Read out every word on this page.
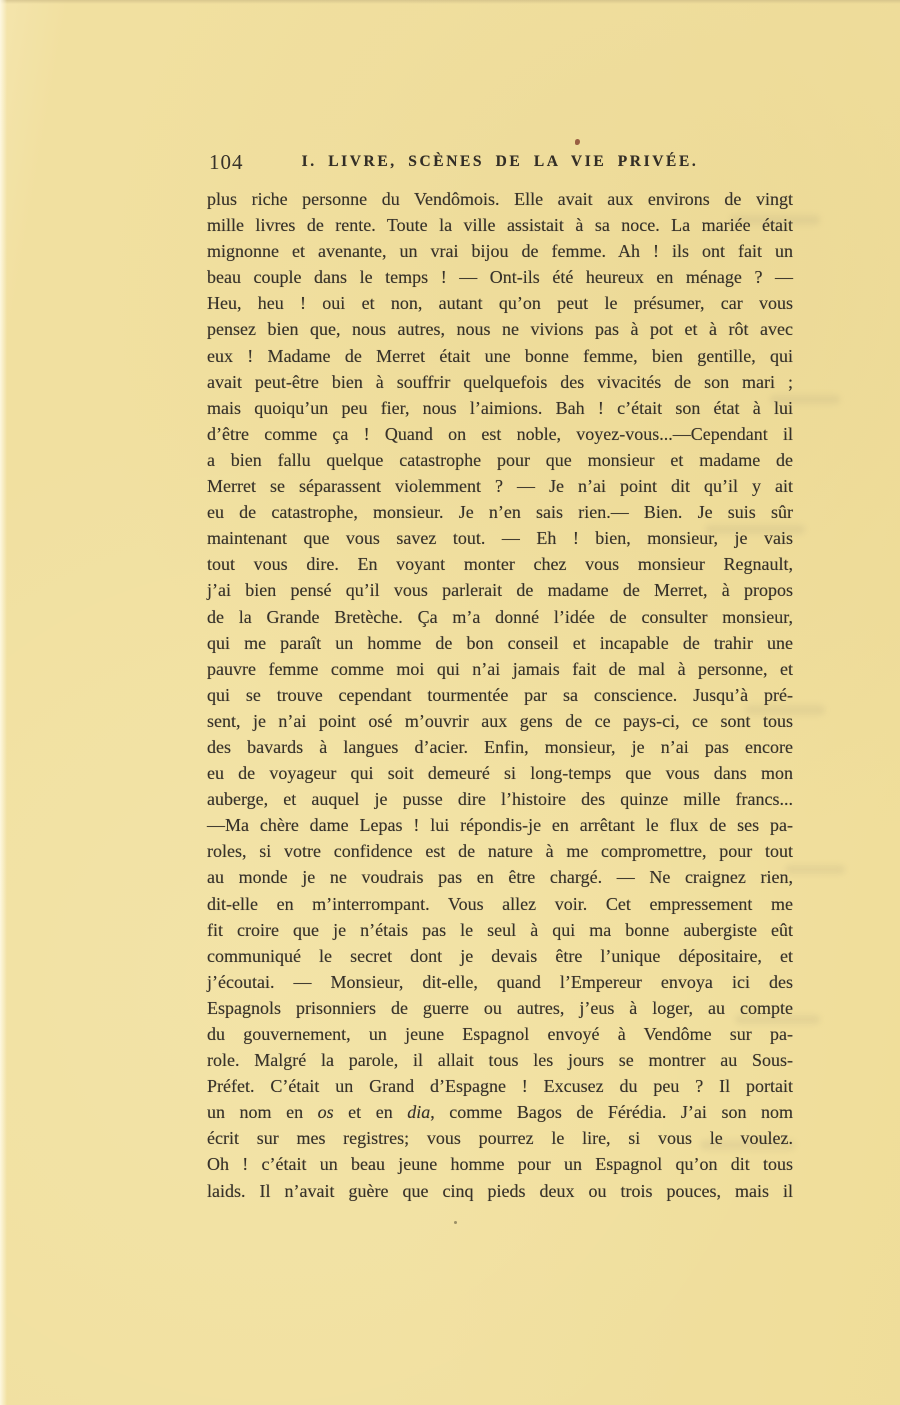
104	I. LIVRE, SCÈNES DE LA VIE PRIVÉE.
plus riche personne du Vendômois. Elle avait aux environs de vingt
mille livres de rente. Toute la ville assistait à sa noce. La mariée était
mignonne et avenante, un vrai bijou de femme. Ah ! ils ont fait un
beau couple dans le temps ! — Ont-ils été heureux en ménage ? —
Heu, heu ! oui et non, autant qu’on peut le présumer, car vous
pensez bien que, nous autres, nous ne vivions pas à pot et à rôt avec
eux ! Madame de Merret était une bonne femme, bien gentille, qui
avait peut-être bien à souffrir quelquefois des vivacités de son mari ;
mais quoiqu’un peu fier, nous l’aimions. Bah ! c’était son état à lui
d’être comme ça ! Quand on est noble, voyez-vous...—Cependant il
a bien fallu quelque catastrophe pour que monsieur et madame de
Merret se séparassent violemment ? — Je n’ai point dit qu’il y ait
eu de catastrophe, monsieur. Je n’en sais rien.— Bien. Je suis sûr
maintenant que vous savez tout. — Eh ! bien, monsieur, je vais
tout vous dire. En voyant monter chez vous monsieur Regnault,
j’ai bien pensé qu’il vous parlerait de madame de Merret, à propos
de la Grande Bretèche. Ça m’a donné l’idée de consulter monsieur,
qui me paraît un homme de bon conseil et incapable de trahir une
pauvre femme comme moi qui n’ai jamais fait de mal à personne, et
qui se trouve cependant tourmentée par sa conscience. Jusqu’à pré-
sent, je n’ai point osé m’ouvrir aux gens de ce pays-ci, ce sont tous
des bavards à langues d’acier. Enfin, monsieur, je n’ai pas encore
eu de voyageur qui soit demeuré si long-temps que vous dans mon
auberge, et auquel je pusse dire l’histoire des quinze mille francs...
—Ma chère dame Lepas ! lui répondis-je en arrêtant le flux de ses pa-
roles, si votre confidence est de nature à me compromettre, pour tout
au monde je ne voudrais pas en être chargé. — Ne craignez rien,
dit-elle en m’interrompant. Vous allez voir. Cet empressement me
fit croire que je n’étais pas le seul à qui ma bonne aubergiste eût
communiqué le secret dont je devais être l’unique dépositaire, et
j’écoutai. — Monsieur, dit-elle, quand l’Empereur envoya ici des
Espagnols prisonniers de guerre ou autres, j’eus à loger, au compte
du gouvernement, un jeune Espagnol envoyé à Vendôme sur pa-
role. Malgré la parole, il allait tous les jours se montrer au Sous-
Préfet. C’était un Grand d’Espagne ! Excusez du peu ? Il portait
un nom en os et en dia, comme Bagos de Férédia. J’ai son nom
écrit sur mes registres; vous pourrez le lire, si vous le voulez.
Oh ! c’était un beau jeune homme pour un Espagnol qu’on dit tous
laids. Il n’avait guère que cinq pieds deux ou trois pouces, mais il
